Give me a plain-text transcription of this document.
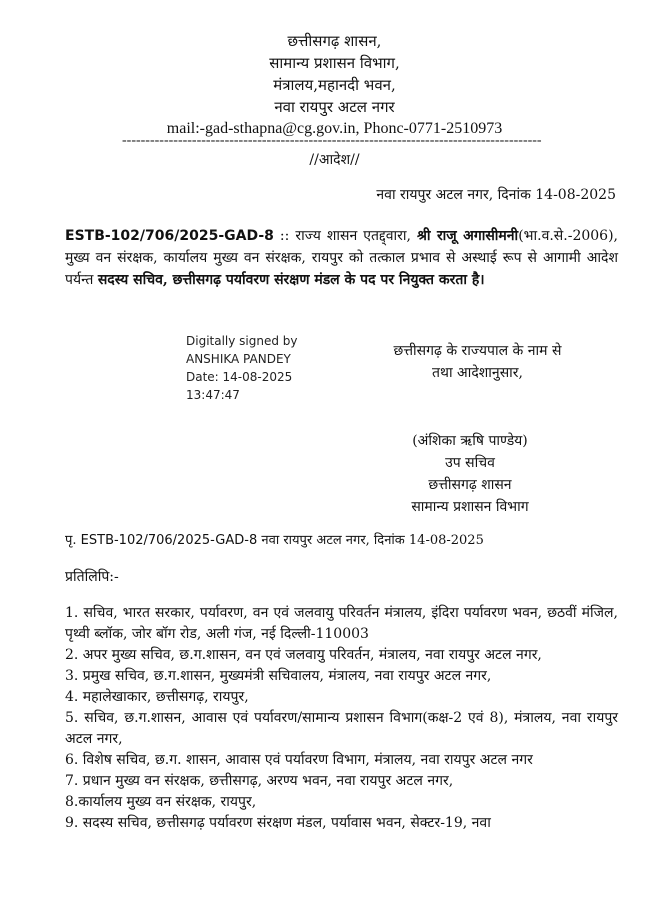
छत्तीसगढ़ शासन,
सामान्य प्रशासन विभाग,
मंत्रालय,महानदी भवन,
नवा रायपुर अटल नगर
mail:-gad-sthapna@cg.gov.in, Phonc-0771-2510973
------------------------------------------------------------------------------------------
//आदेश//
नवा रायपुर अटल नगर, दिनांक 14-08-2025
ESTB-102/706/2025-GAD-8 :: राज्य शासन एतद्द्वारा, श्री राजू अगासीमनी(भा.व.से.-2006), मुख्य वन संरक्षक, कार्यालय मुख्य वन संरक्षक, रायपुर को तत्काल प्रभाव से अस्थाई रूप से आगामी आदेश पर्यन्त सदस्य सचिव, छत्तीसगढ़ पर्यावरण संरक्षण मंडल के पद पर नियुक्त करता है।
Digitally signed by
ANSHIKA PANDEY
Date: 14-08-2025
13:47:47
छत्तीसगढ़ के राज्यपाल के नाम से
तथा आदेशानुसार,
(अंशिका ऋषि पाण्डेय)
उप सचिव
छत्तीसगढ़ शासन
सामान्य प्रशासन विभाग
पृ. ESTB-102/706/2025-GAD-8 नवा रायपुर अटल नगर, दिनांक 14-08-2025
प्रतिलिपि:-
1. सचिव, भारत सरकार, पर्यावरण, वन एवं जलवायु परिवर्तन मंत्रालय, इंदिरा पर्यावरण भवन, छठवीं मंजिल, पृथ्वी ब्लॉक, जोर बॉग रोड, अली गंज, नई दिल्ली-110003
2. अपर मुख्य सचिव, छ.ग.शासन, वन एवं जलवायु परिवर्तन, मंत्रालय, नवा रायपुर अटल नगर,
3. प्रमुख सचिव, छ.ग.शासन, मुख्यमंत्री सचिवालय, मंत्रालय, नवा रायपुर अटल नगर,
4. महालेखाकार, छत्तीसगढ़, रायपुर,
5. सचिव, छ.ग.शासन, आवास एवं पर्यावरण/सामान्य प्रशासन विभाग(कक्ष-2 एवं 8), मंत्रालय, नवा रायपुर अटल नगर,
6. विशेष सचिव, छ.ग. शासन, आवास एवं पर्यावरण विभाग, मंत्रालय, नवा रायपुर अटल नगर
7. प्रधान मुख्य वन संरक्षक, छत्तीसगढ़, अरण्य भवन, नवा रायपुर अटल नगर,
8.कार्यालय मुख्य वन संरक्षक, रायपुर,
9. सदस्य सचिव, छत्तीसगढ़ पर्यावरण संरक्षण मंडल, पर्यावास भवन, सेक्टर-19, नवा
